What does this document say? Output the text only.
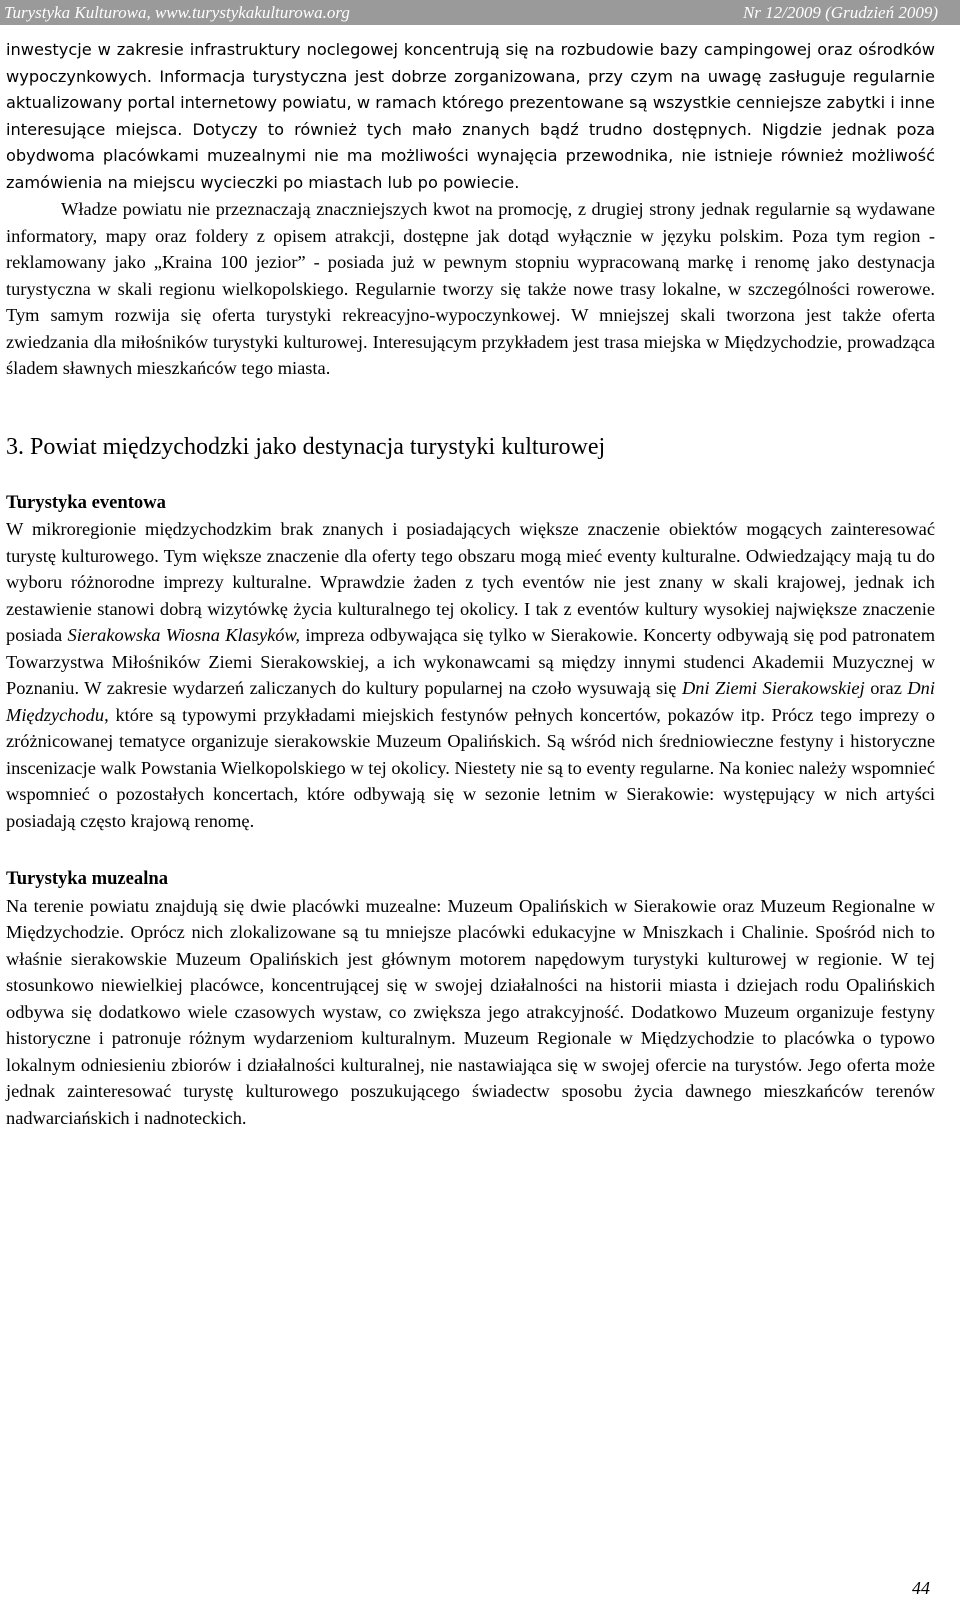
Turystyka Kulturowa, www.turystykakulturowa.org	Nr 12/2009 (Grudzień 2009)

inwestycje w zakresie infrastruktury noclegowej koncentrują się na rozbudowie bazy campingowej oraz ośrodków wypoczynkowych. Informacja turystyczna jest dobrze zorganizowana, przy czym na uwagę zasługuje regularnie aktualizowany portal internetowy powiatu, w ramach którego prezentowane są wszystkie cenniejsze zabytki i inne interesujące miejsca. Dotyczy to również tych mało znanych bądź trudno dostępnych. Nigdzie jednak poza obydwoma placówkami muzealnymi nie ma możliwości wynajęcia przewodnika, nie istnieje również możliwość zamówienia na miejscu wycieczki po miastach lub po powiecie.

Władze powiatu nie przeznaczają znaczniejszych kwot na promocję, z drugiej strony jednak regularnie są wydawane informatory, mapy oraz foldery z opisem atrakcji, dostępne jak dotąd wyłącznie w języku polskim. Poza tym region - reklamowany jako „Kraina 100 jezior” - posiada już w pewnym stopniu wypracowaną markę i renomę jako destynacja turystyczna w skali regionu wielkopolskiego. Regularnie tworzy się także nowe trasy lokalne, w szczególności rowerowe. Tym samym rozwija się oferta turystyki rekreacyjno-wypoczynkowej. W mniejszej skali tworzona jest także oferta zwiedzania dla miłośników turystyki kulturowej. Interesującym przykładem jest trasa miejska w Międzychodzie, prowadząca śladem sławnych mieszkańców tego miasta.

3. Powiat międzychodzki jako destynacja turystyki kulturowej
Turystyka eventowa

W mikroregionie międzychodzkim brak znanych i posiadających większe znaczenie obiektów mogących zainteresować turystę kulturowego. Tym większe znaczenie dla oferty tego obszaru mogą mieć eventy kulturalne. Odwiedzający mają tu do wyboru różnorodne imprezy kulturalne. Wprawdzie żaden z tych eventów nie jest znany w skali krajowej, jednak ich zestawienie stanowi dobrą wizytówkę życia kulturalnego tej okolicy. I tak z eventów kultury wysokiej największe znaczenie posiada Sierakowska Wiosna Klasyków, impreza odbywająca się tylko w Sierakowie. Koncerty odbywają się pod patronatem Towarzystwa Miłośników Ziemi Sierakowskiej, a ich wykonawcami są między innymi studenci Akademii Muzycznej w Poznaniu. W zakresie wydarzeń zaliczanych do kultury popularnej na czoło wysuwają się Dni Ziemi Sierakowskiej oraz Dni Międzychodu, które są typowymi przykładami miejskich festynów pełnych koncertów, pokazów itp. Prócz tego imprezy o zróżnicowanej tematyce organizuje sierakowskie Muzeum Opalińskich. Są wśród nich średniowieczne festyny i historyczne inscenizacje walk Powstania Wielkopolskiego w tej okolicy. Niestety nie są to eventy regularne. Na koniec należy wspomnieć wspomnieć o pozostałych koncertach, które odbywają się w sezonie letnim w Sierakowie: występujący w nich artyści posiadają często krajową renomę.

Turystyka muzealna

Na terenie powiatu znajdują się dwie placówki muzealne: Muzeum Opalińskich w Sierakowie oraz Muzeum Regionalne w Międzychodzie. Oprócz nich zlokalizowane są tu mniejsze placówki edukacyjne w Mniszkach i Chalinie. Spośród nich to właśnie sierakowskie Muzeum Opalińskich jest głównym motorem napędowym turystyki kulturowej w regionie. W tej stosunkowo niewielkiej placówce, koncentrującej się w swojej działalności na historii miasta i dziejach rodu Opalińskich odbywa się dodatkowo wiele czasowych wystaw, co zwiększa jego atrakcyjność. Dodatkowo Muzeum organizuje festyny historyczne i patronuje różnym wydarzeniom kulturalnym. Muzeum Regionale w Międzychodzie to placówka o typowo lokalnym odniesieniu zbiorów i działalności kulturalnej, nie nastawiająca się w swojej ofercie na turystów. Jego oferta może jednak zainteresować turystę kulturowego poszukującego świadectw sposobu życia dawnego mieszkańców terenów nadwarciańskich i nadnoteckich.

44
